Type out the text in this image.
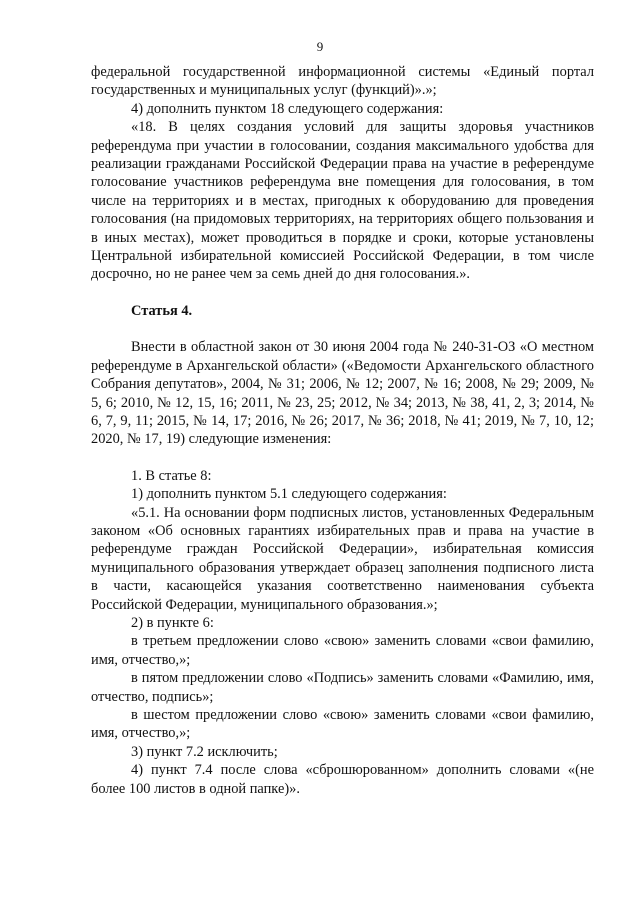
9

федеральной государственной информационной системы «Единый портал государственных и муниципальных услуг (функций)».»;

4) дополнить пунктом 18 следующего содержания:

«18. В целях создания условий для защиты здоровья участников референдума при участии в голосовании, создания максимального удобства для реализации гражданами Российской Федерации права на участие в референдуме голосование участников референдума вне помещения для голосования, в том числе на территориях и в местах, пригодных к оборудованию для проведения голосования (на придомовых территориях, на территориях общего пользования и в иных местах), может проводиться в порядке и сроки, которые установлены Центральной избирательной комиссией Российской Федерации, в том числе досрочно, но не ранее чем за семь дней до дня голосования.».

Статья 4.

Внести в областной закон от 30 июня 2004 года № 240-31-ОЗ «О местном референдуме в Архангельской области» («Ведомости Архангельского областного Собрания депутатов», 2004, № 31; 2006, № 12; 2007, № 16; 2008, № 29; 2009, № 5, 6; 2010, № 12, 15, 16; 2011, № 23, 25; 2012, № 34; 2013, № 38, 41, 2, 3; 2014, № 6, 7, 9, 11; 2015, № 14, 17; 2016, № 26; 2017, № 36; 2018, № 41; 2019, № 7, 10, 12; 2020, № 17, 19) следующие изменения:

1. В статье 8:

1) дополнить пунктом 5.1 следующего содержания:

«5.1. На основании форм подписных листов, установленных Федеральным законом «Об основных гарантиях избирательных прав и права на участие в референдуме граждан Российской Федерации», избирательная комиссия муниципального образования утверждает образец заполнения подписного листа в части, касающейся указания соответственно наименования субъекта Российской Федерации, муниципального образования.»;

2) в пункте 6:

в третьем предложении слово «свою» заменить словами «свои фамилию, имя, отчество,»;

в пятом предложении слово «Подпись» заменить словами «Фамилию, имя, отчество, подпись»;

в шестом предложении слово «свою» заменить словами «свои фамилию, имя, отчество,»;

3) пункт 7.2 исключить;

4) пункт 7.4 после слова «сброшюрованном» дополнить словами «(не более 100 листов в одной папке)».
